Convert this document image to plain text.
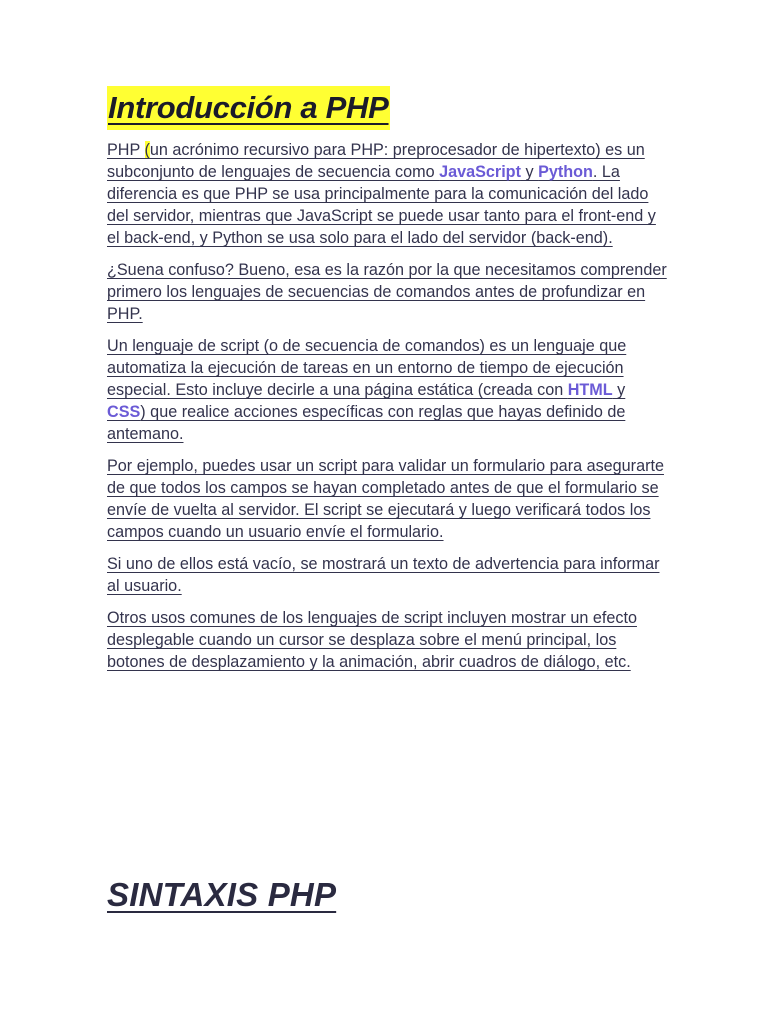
Introducción a PHP

PHP (un acrónimo recursivo para PHP: preprocesador de hipertexto) es un subconjunto de lenguajes de secuencia como JavaScript y Python. La diferencia es que PHP se usa principalmente para la comunicación del lado del servidor, mientras que JavaScript se puede usar tanto para el front-end y el back-end, y Python se usa solo para el lado del servidor (back-end).

¿Suena confuso? Bueno, esa es la razón por la que necesitamos comprender primero los lenguajes de secuencias de comandos antes de profundizar en PHP.

Un lenguaje de script (o de secuencia de comandos) es un lenguaje que automatiza la ejecución de tareas en un entorno de tiempo de ejecución especial. Esto incluye decirle a una página estática (creada con HTML y CSS) que realice acciones específicas con reglas que hayas definido de antemano.

Por ejemplo, puedes usar un script para validar un formulario para asegurarte de que todos los campos se hayan completado antes de que el formulario se envíe de vuelta al servidor. El script se ejecutará y luego verificará todos los campos cuando un usuario envíe el formulario.

Si uno de ellos está vacío, se mostrará un texto de advertencia para informar al usuario.

Otros usos comunes de los lenguajes de script incluyen mostrar un efecto desplegable cuando un cursor se desplaza sobre el menú principal, los botones de desplazamiento y la animación, abrir cuadros de diálogo, etc.

SINTAXIS PHP
